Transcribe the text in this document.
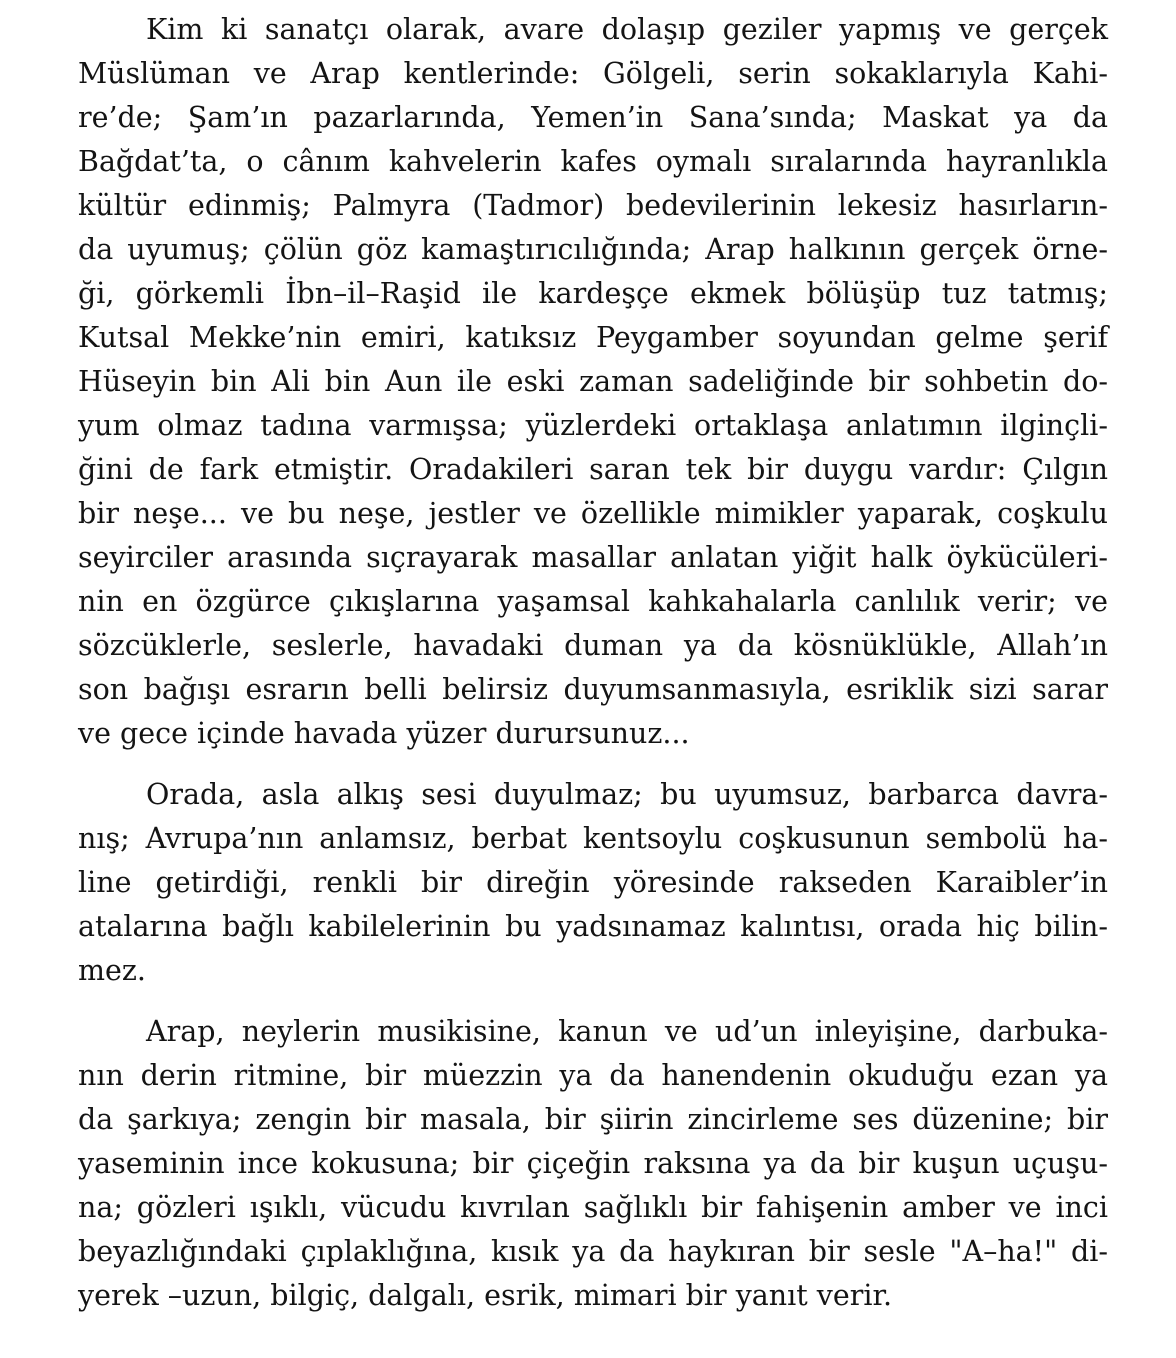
Kim ki sanatçı olarak, avare dolaşıp geziler yapmış ve gerçek
Müslüman ve Arap kentlerinde: Gölgeli, serin sokaklarıyla Kahi-
re’de; Şam’ın pazarlarında, Yemen’in Sana’sında; Maskat ya da
Bağdat’ta, o cânım kahvelerin kafes oymalı sıralarında hayranlıkla
kültür edinmiş; Palmyra (Tadmor) bedevilerinin lekesiz hasırların-
da uyumuş; çölün göz kamaştırıcılığında; Arap halkının gerçek örne-
ği, görkemli İbn–il–Raşid ile kardeşçe ekmek bölüşüp tuz tatmış;
Kutsal Mekke’nin emiri, katıksız Peygamber soyundan gelme şerif
Hüseyin bin Ali bin Aun ile eski zaman sadeliğinde bir sohbetin do-
yum olmaz tadına varmışsa; yüzlerdeki ortaklaşa anlatımın ilginçli-
ğini de fark etmiştir. Oradakileri saran tek bir duygu vardır: Çılgın
bir neşe... ve bu neşe, jestler ve özellikle mimikler yaparak, coşkulu
seyirciler arasında sıçrayarak masallar anlatan yiğit halk öykücüleri-
nin en özgürce çıkışlarına yaşamsal kahkahalarla canlılık verir; ve
sözcüklerle, seslerle, havadaki duman ya da kösnüklükle, Allah’ın
son bağışı esrarın belli belirsiz duyumsanmasıyla, esriklik sizi sarar
ve gece içinde havada yüzer durursunuz...
Orada, asla alkış sesi duyulmaz; bu uyumsuz, barbarca davra-
nış; Avrupa’nın anlamsız, berbat kentsoylu coşkusunun sembolü ha-
line getirdiği, renkli bir direğin yöresinde rakseden Karaibler’in
atalarına bağlı kabilelerinin bu yadsınamaz kalıntısı, orada hiç bilin-
mez.
Arap, neylerin musikisine, kanun ve ud’un inleyişine, darbuka-
nın derin ritmine, bir müezzin ya da hanendenin okuduğu ezan ya
da şarkıya; zengin bir masala, bir şiirin zincirleme ses düzenine; bir
yaseminin ince kokusuna; bir çiçeğin raksına ya da bir kuşun uçuşu-
na; gözleri ışıklı, vücudu kıvrılan sağlıklı bir fahişenin amber ve inci
beyazlığındaki çıplaklığına, kısık ya da haykıran bir sesle "A–ha!" di-
yerek –uzun, bilgiç, dalgalı, esrik, mimari bir yanıt verir.
